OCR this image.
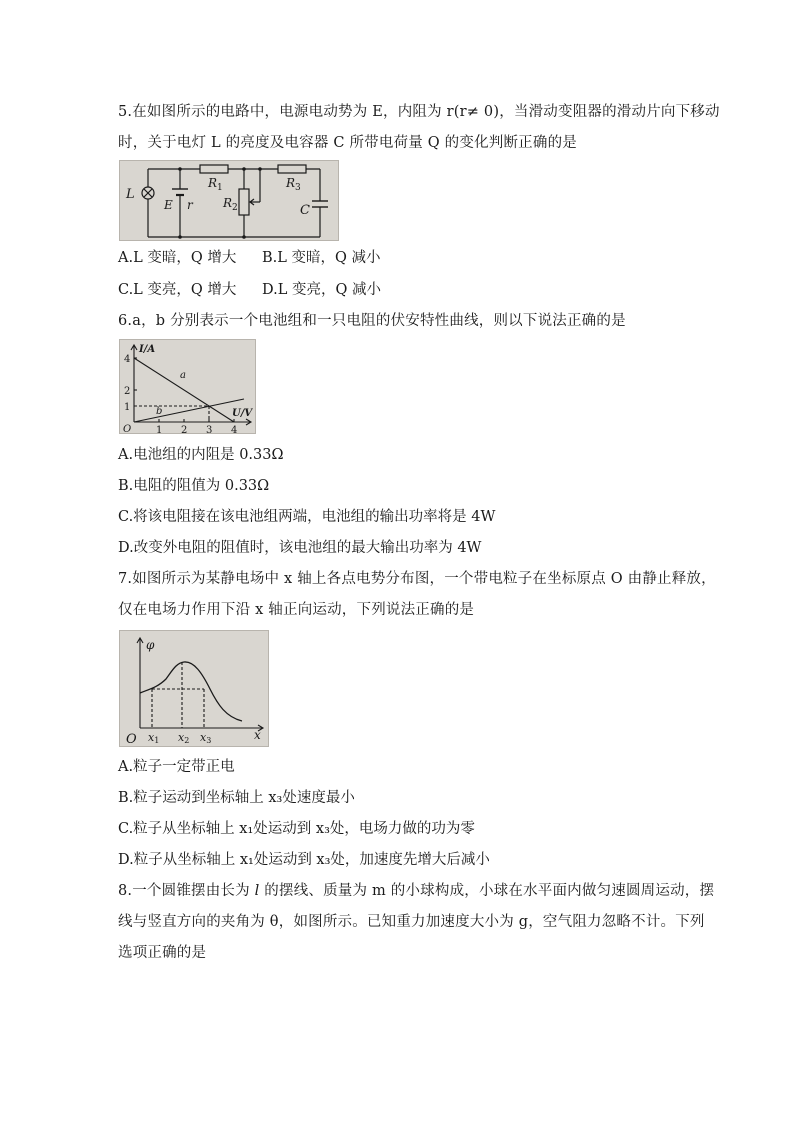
5.在如图所示的电路中，电源电动势为 E，内阻为 r(r≠ 0)，当滑动变阻器的滑动片向下移动
时，关于电灯 L 的亮度及电容器 C 所带电荷量 Q 的变化判断正确的是
L
E r
$R_1$
$R_2$
$R_3$
C
A.L 变暗，Q 增大 B.L 变暗，Q 减小
C.L 变亮，Q 增大 D.L 变亮，Q 减小
6.a，b 分别表示一个电池组和一只电阻的伏安特性曲线，则以下说法正确的是
I/A
U/V
O
a
b
4
2
1
1 2 3 4
A.电池组的内阻是 0.33Ω
B.电阻的阻值为 0.33Ω
C.将该电阻接在该电池组两端，电池组的输出功率将是 4W
D.改变外电阻的阻值时，该电池组的最大输出功率为 4W
7.如图所示为某静电场中 x 轴上各点电势分布图，一个带电粒子在坐标原点 O 由静止释放，
仅在电场力作用下沿 x 轴正向运动，下列说法正确的是
φ
x
O x1 x2 x3
A.粒子一定带正电
B.粒子运动到坐标轴上 x₃处速度最小
C.粒子从坐标轴上 x₁处运动到 x₃处，电场力做的功为零
D.粒子从坐标轴上 x₁处运动到 x₃处，加速度先增大后减小
8.一个圆锥摆由长为 l 的摆线、质量为 m 的小球构成，小球在水平面内做匀速圆周运动，摆
线与竖直方向的夹角为 θ，如图所示。已知重力加速度大小为 g，空气阻力忽略不计。下列
选项正确的是
